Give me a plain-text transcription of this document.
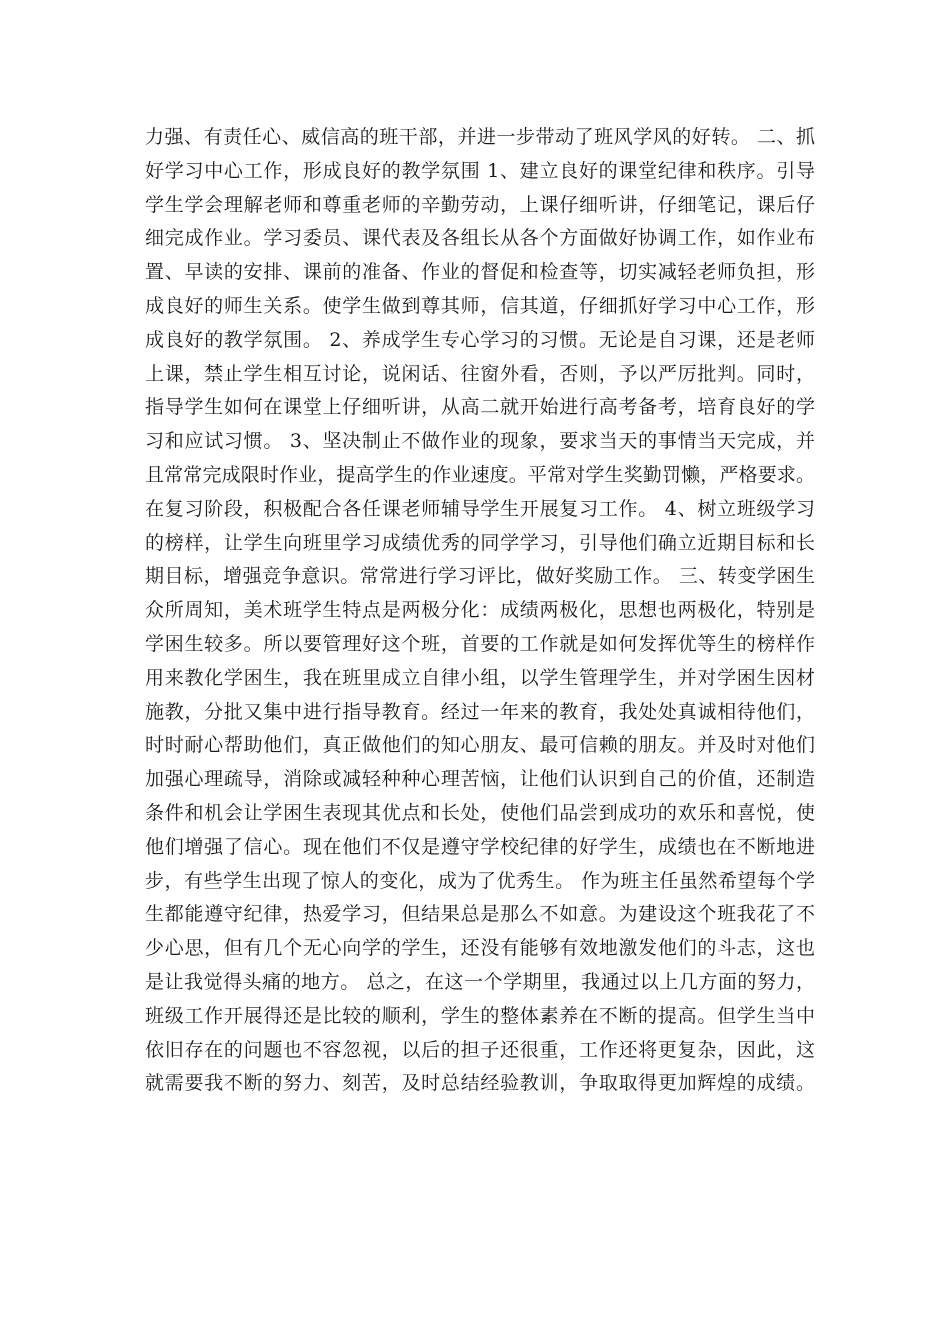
力强、有责任心、威信高的班干部，并进一步带动了班风学风的好转。 二、抓
好学习中心工作，形成良好的教学氛围 1、建立良好的课堂纪律和秩序。引导
学生学会理解老师和尊重老师的辛勤劳动，上课仔细听讲，仔细笔记，课后仔
细完成作业。学习委员、课代表及各组长从各个方面做好协调工作，如作业布
置、早读的安排、课前的准备、作业的督促和检查等，切实减轻老师负担，形
成良好的师生关系。使学生做到尊其师，信其道，仔细抓好学习中心工作，形
成良好的教学氛围。 2、养成学生专心学习的习惯。无论是自习课，还是老师
上课，禁止学生相互讨论，说闲话、往窗外看，否则，予以严厉批判。同时，
指导学生如何在课堂上仔细听讲，从高二就开始进行高考备考，培育良好的学
习和应试习惯。 3、坚决制止不做作业的现象，要求当天的事情当天完成，并
且常常完成限时作业，提高学生的作业速度。平常对学生奖勤罚懒，严格要求。
在复习阶段，积极配合各任课老师辅导学生开展复习工作。 4、树立班级学习
的榜样，让学生向班里学习成绩优秀的同学学习，引导他们确立近期目标和长
期目标，增强竞争意识。常常进行学习评比，做好奖励工作。 三、转变学困生
众所周知，美术班学生特点是两极分化：成绩两极化，思想也两极化，特别是
学困生较多。所以要管理好这个班，首要的工作就是如何发挥优等生的榜样作
用来教化学困生，我在班里成立自律小组，以学生管理学生，并对学困生因材
施教，分批又集中进行指导教育。经过一年来的教育，我处处真诚相待他们，
时时耐心帮助他们，真正做他们的知心朋友、最可信赖的朋友。并及时对他们
加强心理疏导，消除或减轻种种心理苦恼，让他们认识到自己的价值，还制造
条件和机会让学困生表现其优点和长处，使他们品尝到成功的欢乐和喜悦，使
他们增强了信心。现在他们不仅是遵守学校纪律的好学生，成绩也在不断地进
步，有些学生出现了惊人的变化，成为了优秀生。 作为班主任虽然希望每个学
生都能遵守纪律，热爱学习，但结果总是那么不如意。为建设这个班我花了不
少心思，但有几个无心向学的学生，还没有能够有效地激发他们的斗志，这也
是让我觉得头痛的地方。 总之，在这一个学期里，我通过以上几方面的努力，
班级工作开展得还是比较的顺利，学生的整体素养在不断的提高。但学生当中
依旧存在的问题也不容忽视，以后的担子还很重，工作还将更复杂，因此，这
就需要我不断的努力、刻苦，及时总结经验教训，争取取得更加辉煌的成绩。
